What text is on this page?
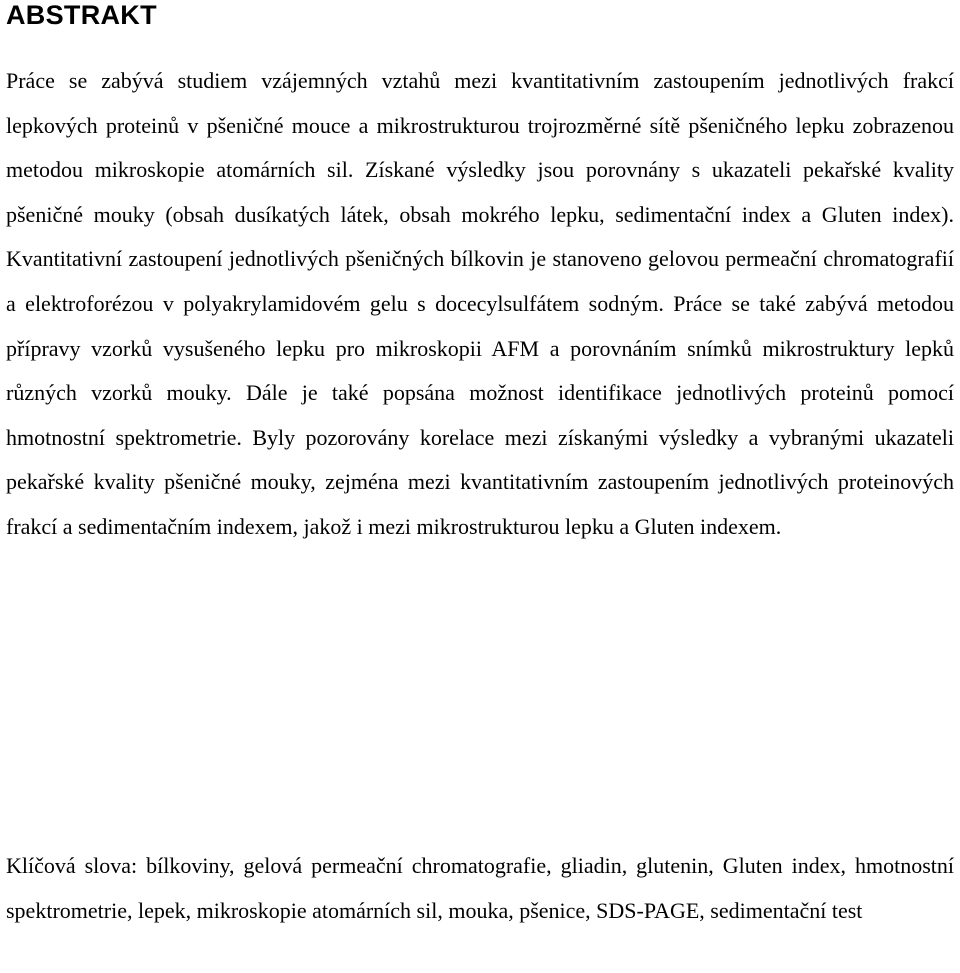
ABSTRAKT

Práce se zabývá studiem vzájemných vztahů mezi kvantitativním zastoupením jednotlivých frakcí lepkových proteinů v pšeničné mouce a mikrostrukturou trojrozměrné sítě pšeničného lepku zobrazenou metodou mikroskopie atomárních sil. Získané výsledky jsou porovnány s ukazateli pekařské kvality pšeničné mouky (obsah dusíkatých látek, obsah mokrého lepku, sedimentační index a Gluten index). Kvantitativní zastoupení jednotlivých pšeničných bílkovin je stanoveno gelovou permeační chromatografií a elektroforézou v polyakrylamidovém gelu s docecylsulfátem sodným. Práce se také zabývá metodou přípravy vzorků vysušeného lepku pro mikroskopii AFM a porovnáním snímků mikrostruktury lepků různých vzorků mouky. Dále je také popsána možnost identifikace jednotlivých proteinů pomocí hmotnostní spektrometrie. Byly pozorovány korelace mezi získanými výsledky a vybranými ukazateli pekařské kvality pšeničné mouky, zejména mezi kvantitativním zastoupením jednotlivých proteinových frakcí a sedimentačním indexem, jakož i mezi mikrostrukturou lepku a Gluten indexem.

Klíčová slova: bílkoviny, gelová permeační chromatografie, gliadin, glutenin, Gluten index, hmotnostní spektrometrie, lepek, mikroskopie atomárních sil, mouka, pšenice, SDS-PAGE, sedimentační test
